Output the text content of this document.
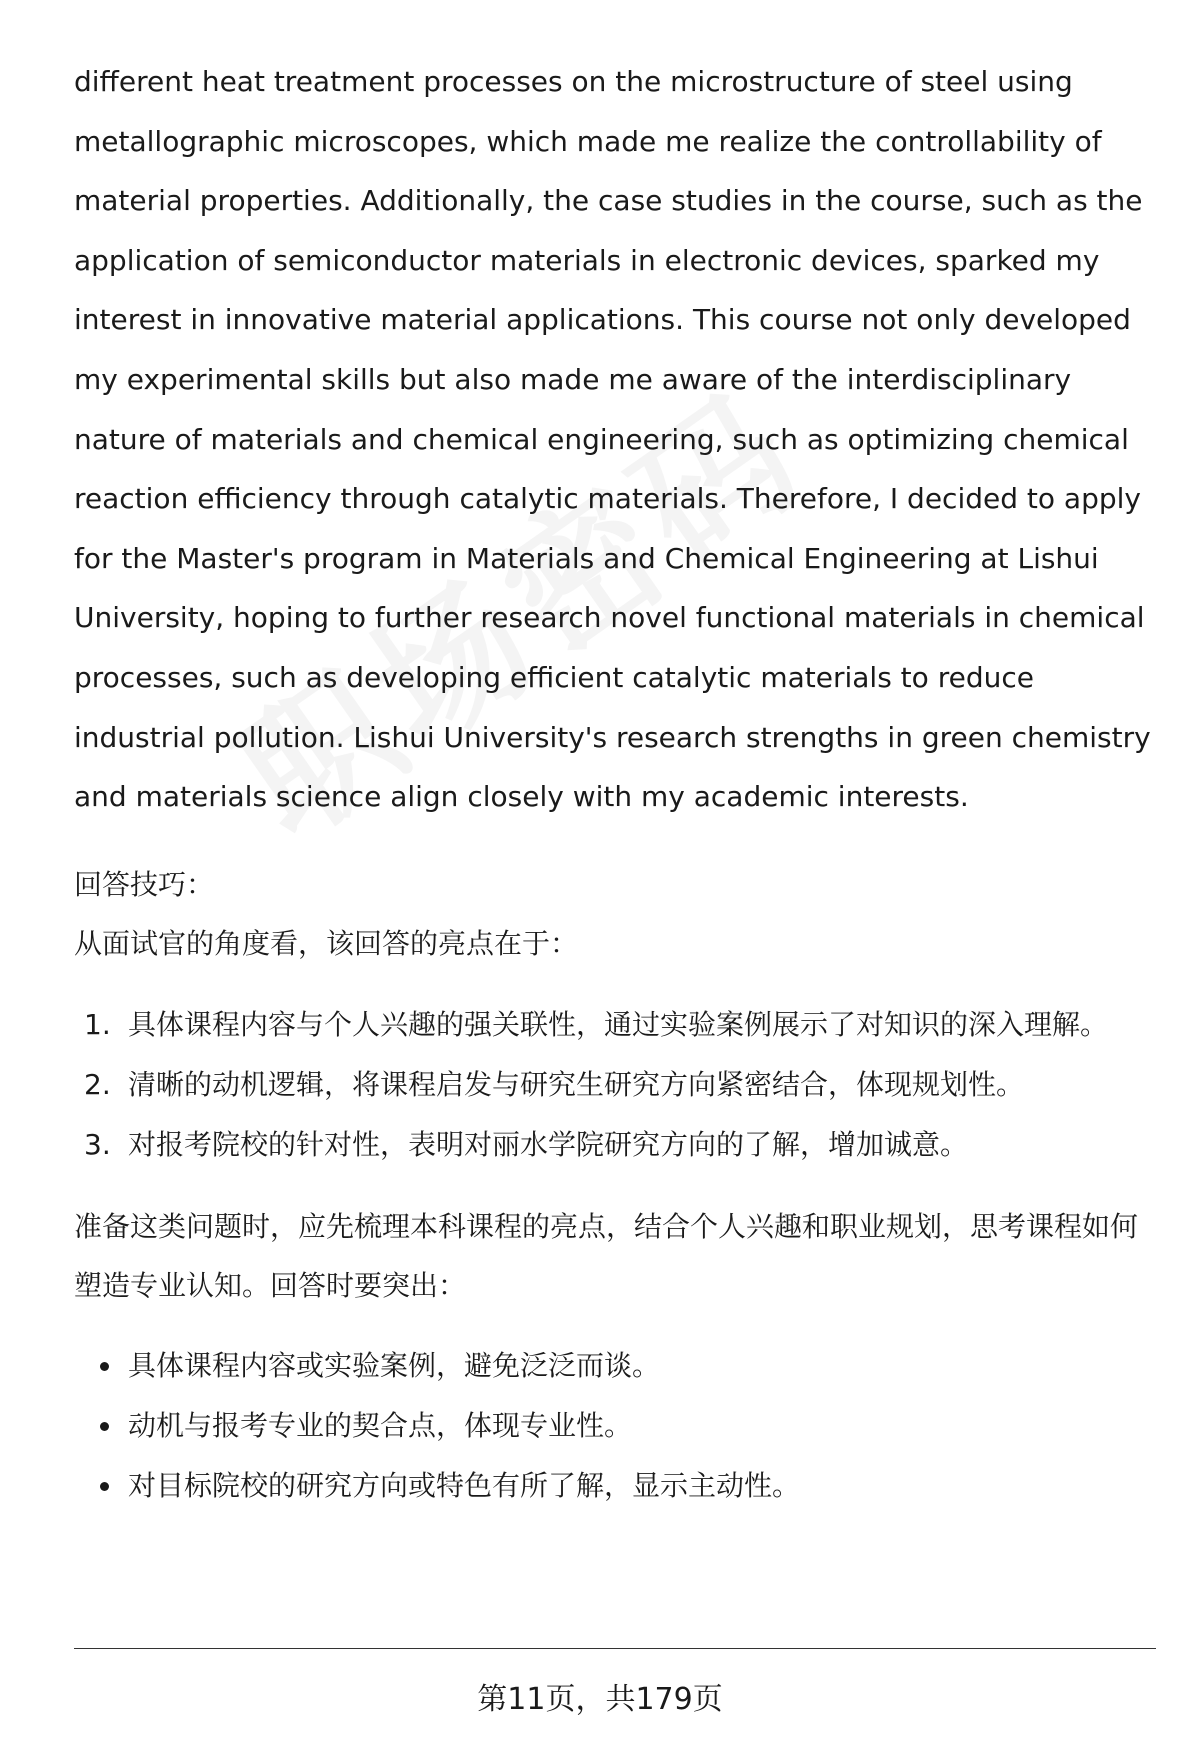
different heat treatment processes on the microstructure of steel using metallographic microscopes, which made me realize the controllability of material properties. Additionally, the case studies in the course, such as the application of semiconductor materials in electronic devices, sparked my interest in innovative material applications. This course not only developed my experimental skills but also made me aware of the interdisciplinary nature of materials and chemical engineering, such as optimizing chemical reaction efficiency through catalytic materials. Therefore, I decided to apply for the Master's program in Materials and Chemical Engineering at Lishui University, hoping to further research novel functional materials in chemical processes, such as developing efficient catalytic materials to reduce industrial pollution. Lishui University's research strengths in green chemistry and materials science align closely with my academic interests.

回答技巧：

从面试官的角度看，该回答的亮点在于：

1. 具体课程内容与个人兴趣的强关联性，通过实验案例展示了对知识的深入理解。
2. 清晰的动机逻辑，将课程启发与研究生研究方向紧密结合，体现规划性。
3. 对报考院校的针对性，表明对丽水学院研究方向的了解，增加诚意。

准备这类问题时，应先梳理本科课程的亮点，结合个人兴趣和职业规划，思考课程如何塑造专业认知。回答时要突出：

具体课程内容或实验案例，避免泛泛而谈。
动机与报考专业的契合点，体现专业性。
对目标院校的研究方向或特色有所了解，显示主动性。
第11页，共179页
